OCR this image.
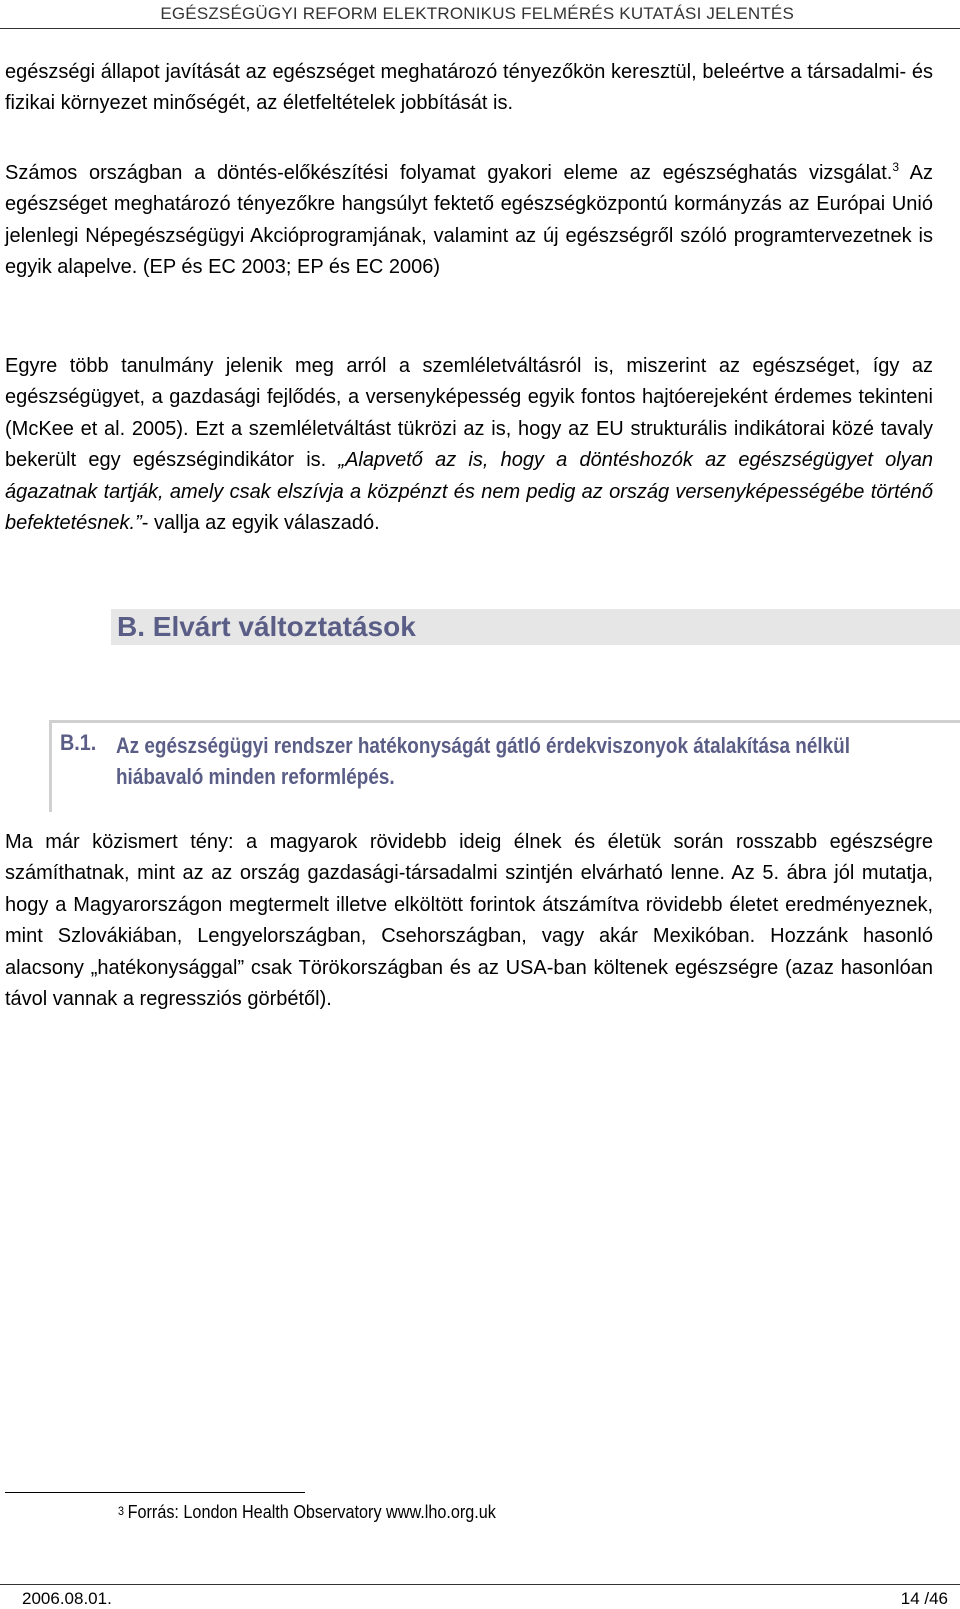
EGÉSZSÉGÜGYI REFORM ELEKTRONIKUS FELMÉRÉS KUTATÁSI JELENTÉS

egészségi állapot javítását az egészséget meghatározó tényezőkön keresztül, beleértve a társadalmi- és fizikai környezet minőségét, az életfeltételek jobbítását is.

Számos országban a döntés-előkészítési folyamat gyakori eleme az egészséghatás vizsgálat.$^3$ Az egészséget meghatározó tényezőkre hangsúlyt fektető egészségközpontú kormányzás az Európai Unió jelenlegi Népegészségügyi Akcióprogramjának, valamint az új egészségről szóló programtervezetnek is egyik alapelve. (EP és EC 2003; EP és EC 2006)

Egyre több tanulmány jelenik meg arról a szemléletváltásról is, miszerint az egészséget, így az egészségügyet, a gazdasági fejlődés, a versenyképesség egyik fontos hajtóerejeként érdemes tekinteni (McKee et al. 2005). Ezt a szemléletváltást tükrözi az is, hogy az EU strukturális indikátorai közé tavaly bekerült egy egészségindikátor is. „Alapvető az is, hogy a döntéshozók az egészségügyet olyan ágazatnak tartják, amely csak elszívja a közpénzt és nem pedig az ország versenyképességébe történő befektetésnek.”- vallja az egyik válaszadó.

B. Elvárt változtatások
B.1. Az egészségügyi rendszer hatékonyságát gátló érdekviszonyok átalakítása nélkül hiábavaló minden reformlépés.

Ma már közismert tény: a magyarok rövidebb ideig élnek és életük során rosszabb egészségre számíthatnak, mint az az ország gazdasági-társadalmi szintjén elvárható lenne. Az 5. ábra jól mutatja, hogy a Magyarországon megtermelt illetve elköltött forintok átszámítva rövidebb életet eredményeznek, mint Szlovákiában, Lengyelországban, Csehországban, vagy akár Mexikóban. Hozzánk hasonló alacsony „hatékonysággal” csak Törökországban és az USA-ban költenek egészségre (azaz hasonlóan távol vannak a regressziós görbétől).

$^3$ Forrás: London Health Observatory www.lho.org.uk
2006.08.01.	14 /46
